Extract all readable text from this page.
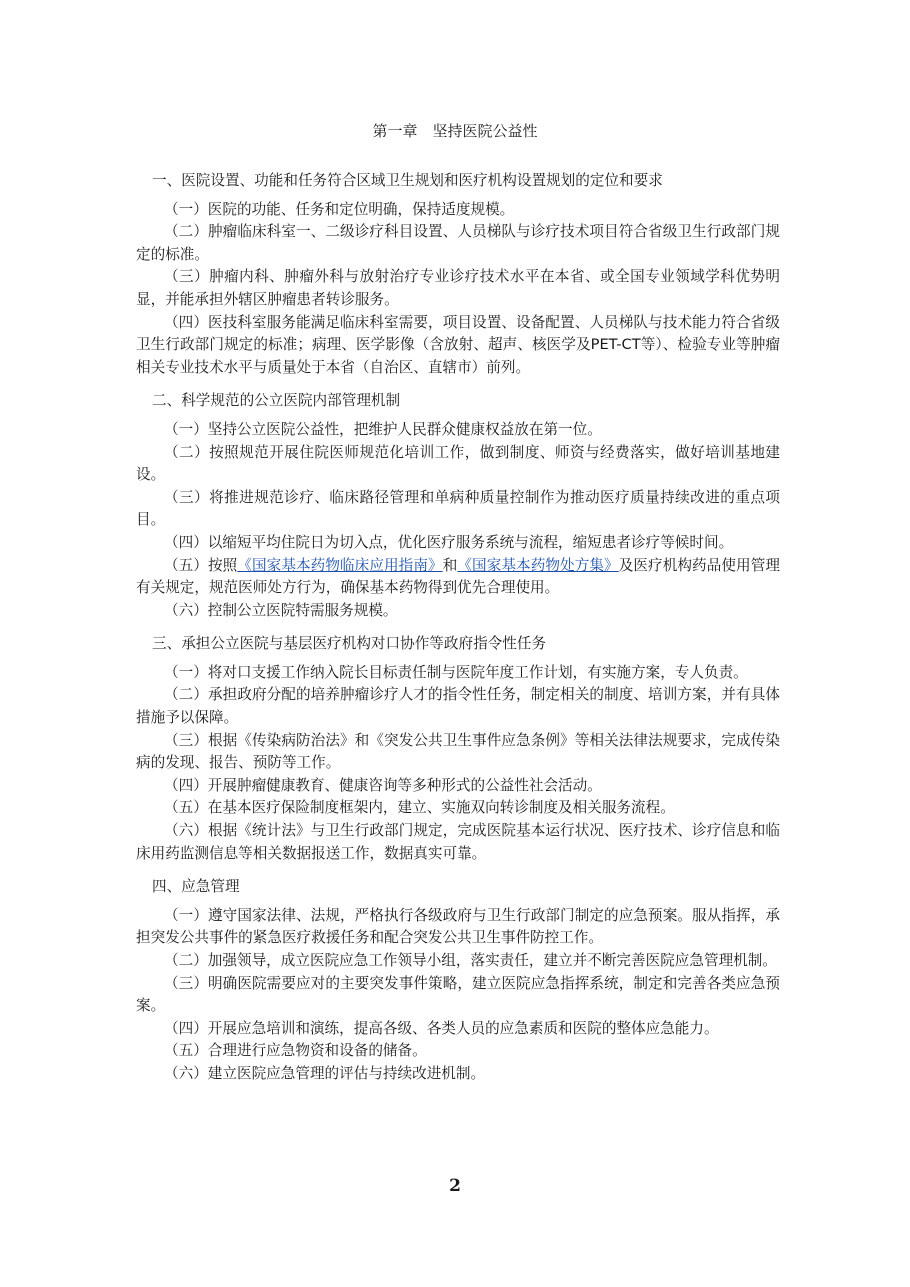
第一章　坚持医院公益性
一、医院设置、功能和任务符合区域卫生规划和医疗机构设置规划的定位和要求
（一）医院的功能、任务和定位明确，保持适度规模。
（二）肿瘤临床科室一、二级诊疗科目设置、人员梯队与诊疗技术项目符合省级卫生行政部门规定的标准。
（三）肿瘤内科、肿瘤外科与放射治疗专业诊疗技术水平在本省、或全国专业领域学科优势明显，并能承担外辖区肿瘤患者转诊服务。
（四）医技科室服务能满足临床科室需要，项目设置、设备配置、人员梯队与技术能力符合省级卫生行政部门规定的标准；病理、医学影像（含放射、超声、核医学及PET-CT等）、检验专业等肿瘤相关专业技术水平与质量处于本省（自治区、直辖市）前列。
二、科学规范的公立医院内部管理机制
（一）坚持公立医院公益性，把维护人民群众健康权益放在第一位。
（二）按照规范开展住院医师规范化培训工作，做到制度、师资与经费落实，做好培训基地建设。
（三）将推进规范诊疗、临床路径管理和单病种质量控制作为推动医疗质量持续改进的重点项目。
（四）以缩短平均住院日为切入点，优化医疗服务系统与流程，缩短患者诊疗等候时间。
（五）按照《国家基本药物临床应用指南》和《国家基本药物处方集》及医疗机构药品使用管理有关规定，规范医师处方行为，确保基本药物得到优先合理使用。
（六）控制公立医院特需服务规模。
三、承担公立医院与基层医疗机构对口协作等政府指令性任务
（一）将对口支援工作纳入院长目标责任制与医院年度工作计划，有实施方案，专人负责。
（二）承担政府分配的培养肿瘤诊疗人才的指令性任务，制定相关的制度、培训方案，并有具体措施予以保障。
（三）根据《传染病防治法》和《突发公共卫生事件应急条例》等相关法律法规要求，完成传染病的发现、报告、预防等工作。
（四）开展肿瘤健康教育、健康咨询等多种形式的公益性社会活动。
（五）在基本医疗保险制度框架内，建立、实施双向转诊制度及相关服务流程。
（六）根据《统计法》与卫生行政部门规定，完成医院基本运行状况、医疗技术、诊疗信息和临床用药监测信息等相关数据报送工作，数据真实可靠。
四、应急管理
（一）遵守国家法律、法规，严格执行各级政府与卫生行政部门制定的应急预案。服从指挥，承担突发公共事件的紧急医疗救援任务和配合突发公共卫生事件防控工作。
（二）加强领导，成立医院应急工作领导小组，落实责任，建立并不断完善医院应急管理机制。
（三）明确医院需要应对的主要突发事件策略，建立医院应急指挥系统，制定和完善各类应急预案。
（四）开展应急培训和演练，提高各级、各类人员的应急素质和医院的整体应急能力。
（五）合理进行应急物资和设备的储备。
（六）建立医院应急管理的评估与持续改进机制。
2
